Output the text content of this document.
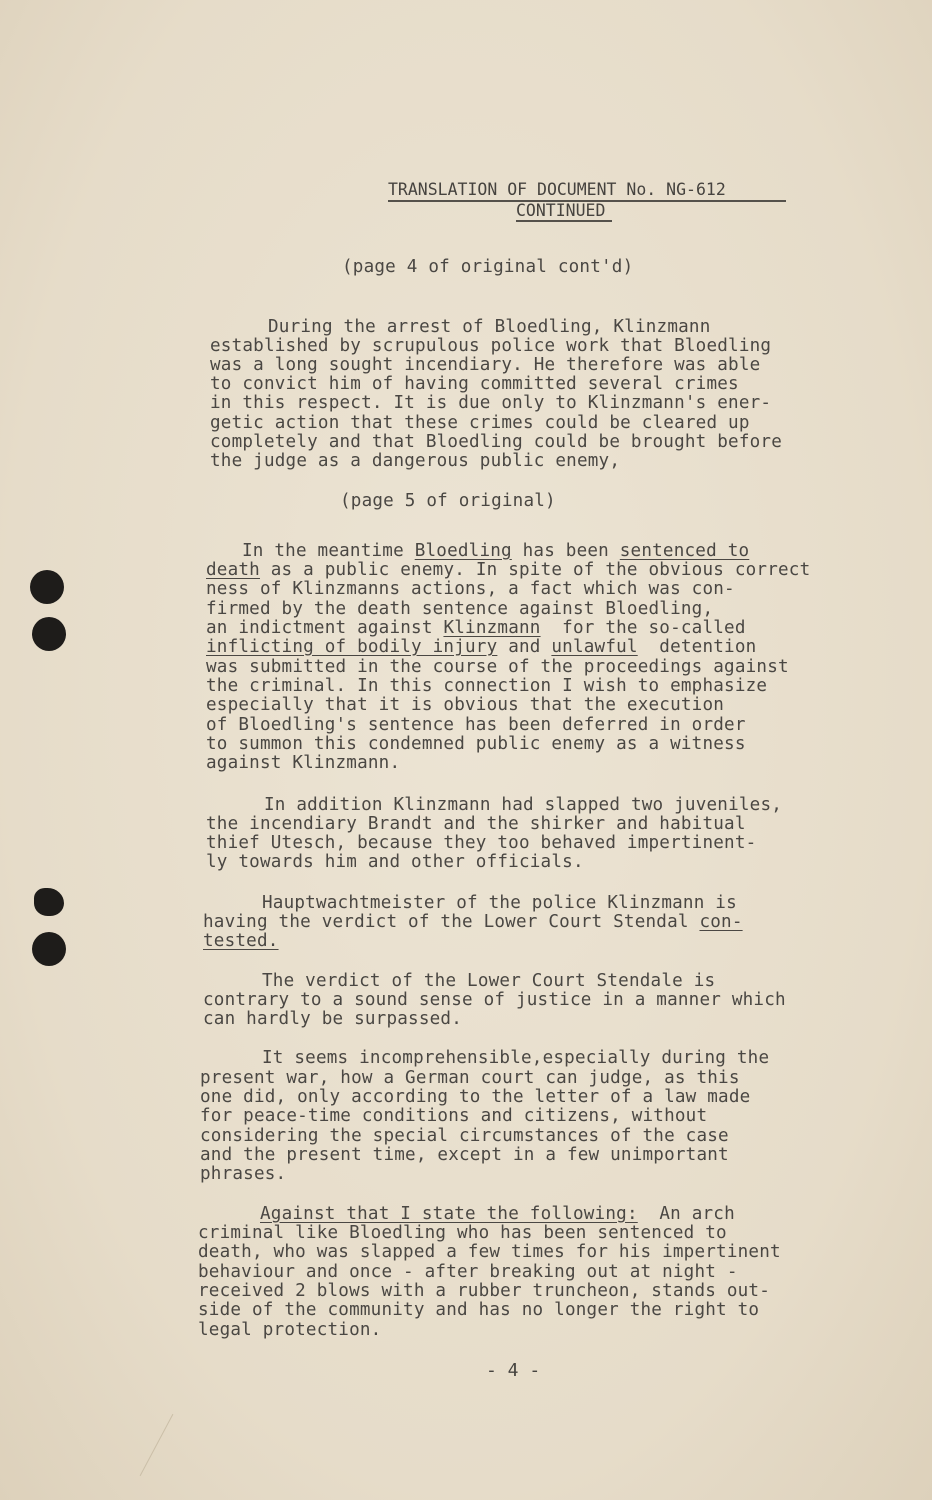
TRANSLATION OF DOCUMENT No. NG-612
CONTINUED
(page 4 of original cont'd)
During the arrest of Bloedling, Klinzmann
established by scrupulous police work that Bloedling
was a long sought incendiary. He therefore was able
to convict him of having committed several crimes
in this respect. It is due only to Klinzmann's ener-
getic action that these crimes could be cleared up
completely and that Bloedling could be brought before
the judge as a dangerous public enemy,
(page 5 of original)
In the meantime Bloedling has been sentenced to
death as a public enemy. In spite of the obvious correct
ness of Klinzmanns actions, a fact which was con-
firmed by the death sentence against Bloedling,
an indictment against Klinzmann  for the so-called
inflicting of bodily injury and unlawful  detention
was submitted in the course of the proceedings against
the criminal. In this connection I wish to emphasize
especially that it is obvious that the execution
of Bloedling's sentence has been deferred in order
to summon this condemned public enemy as a witness
against Klinzmann.
In addition Klinzmann had slapped two juveniles,
the incendiary Brandt and the shirker and habitual
thief Utesch, because they too behaved impertinent-
ly towards him and other officials.
Hauptwachtmeister of the police Klinzmann is
having the verdict of the Lower Court Stendal con-
tested.
The verdict of the Lower Court Stendale is
contrary to a sound sense of justice in a manner which
can hardly be surpassed.
It seems incomprehensible,especially during the
present war, how a German court can judge, as this
one did, only according to the letter of a law made
for peace-time conditions and citizens, without
considering the special circumstances of the case
and the present time, except in a few unimportant
phrases.
Against that I state the following:  An arch
criminal like Bloedling who has been sentenced to
death, who was slapped a few times for his impertinent
behaviour and once - after breaking out at night -
received 2 blows with a rubber truncheon, stands out-
side of the community and has no longer the right to
legal protection.
- 4 -
